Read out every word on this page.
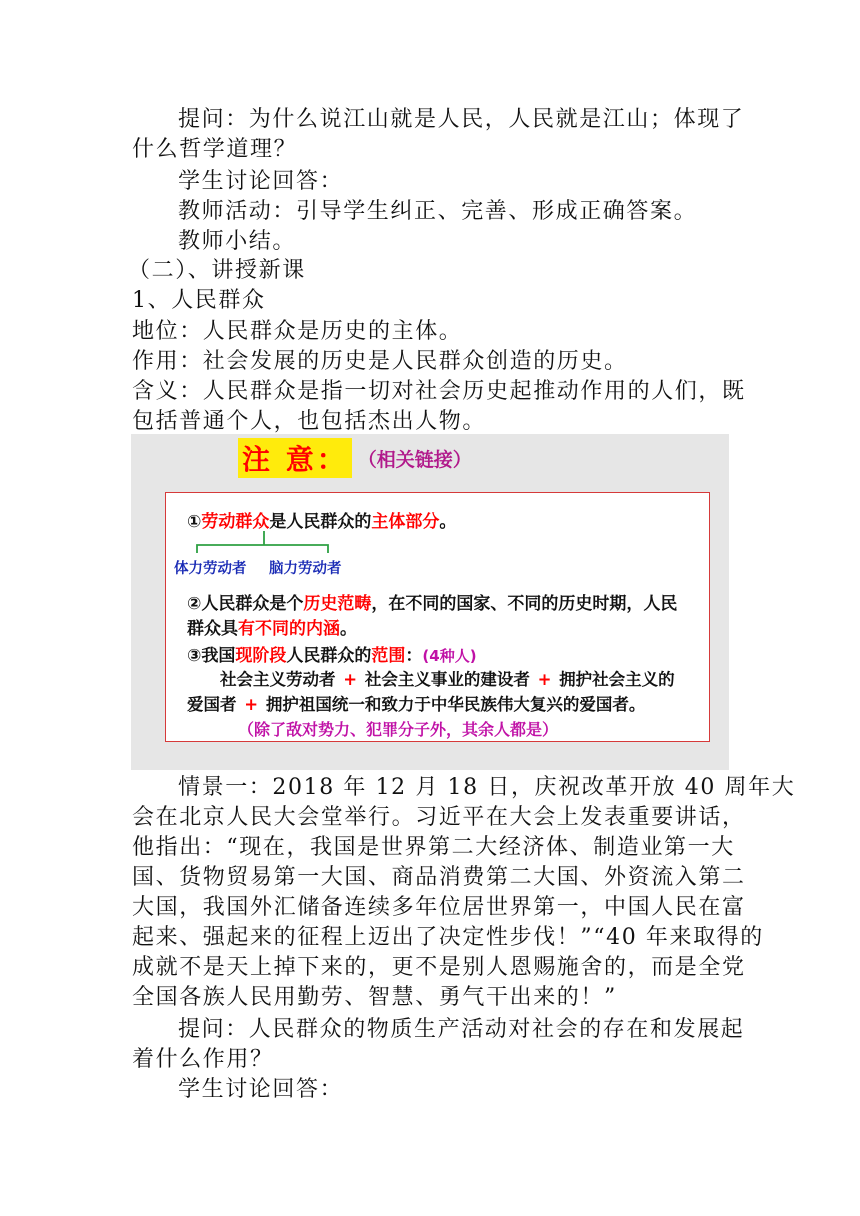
提问：为什么说江山就是人民，人民就是江山；体现了
什么哲学道理？
学生讨论回答：
教师活动：引导学生纠正、完善、形成正确答案。
教师小结。
（二）、讲授新课
1、人民群众
地位：人民群众是历史的主体。
作用：社会发展的历史是人民群众创造的历史。
含义：人民群众是指一切对社会历史起推动作用的人们，既
包括普通个人，也包括杰出人物。
注 意： （相关链接）
①劳动群众是人民群众的主体部分。
体力劳动者 脑力劳动者
②人民群众是个历史范畴，在不同的国家、不同的历史时期，人民
群众具有不同的内涵。
③我国现阶段人民群众的范围：(4种人)
社会主义劳动者 + 社会主义事业的建设者 + 拥护社会主义的
爱国者 + 拥护祖国统一和致力于中华民族伟大复兴的爱国者。
（除了敌对势力、犯罪分子外，其余人都是）
情景一：2018 年 12 月 18 日，庆祝改革开放 40 周年大
会在北京人民大会堂举行。习近平在大会上发表重要讲话，
他指出：“现在，我国是世界第二大经济体、制造业第一大
国、货物贸易第一大国、商品消费第二大国、外资流入第二
大国，我国外汇储备连续多年位居世界第一，中国人民在富
起来、强起来的征程上迈出了决定性步伐！”“40 年来取得的
成就不是天上掉下来的，更不是别人恩赐施舍的，而是全党
全国各族人民用勤劳、智慧、勇气干出来的！”
提问：人民群众的物质生产活动对社会的存在和发展起
着什么作用？
学生讨论回答：
